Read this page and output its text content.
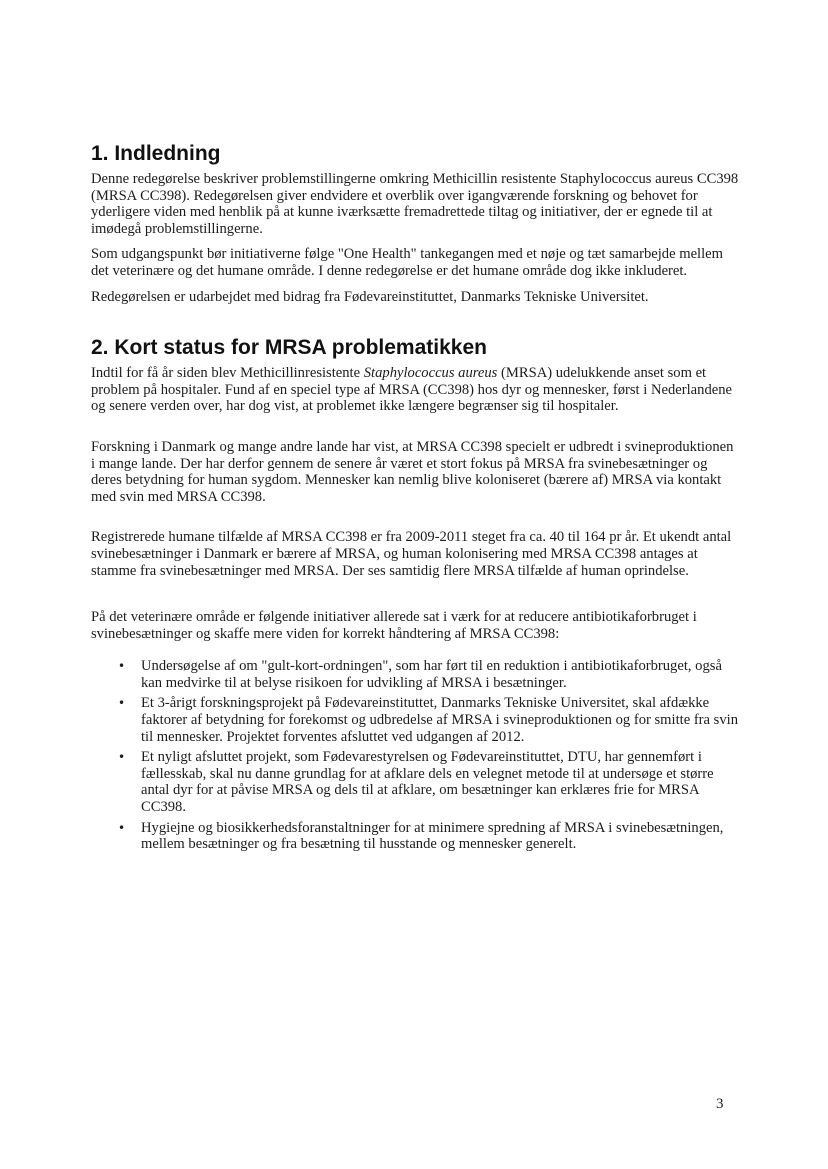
1. Indledning

Denne redegørelse beskriver problemstillingerne omkring Methicillin resistente Staphylococcus aureus CC398 (MRSA CC398). Redegørelsen giver endvidere et overblik over igangværende forskning og behovet for yderligere viden med henblik på at kunne iværksætte fremadrettede tiltag og initiativer, der er egnede til at imødegå problemstillingerne.

Som udgangspunkt bør initiativerne følge "One Health" tankegangen med et nøje og tæt samarbejde mellem det veterinære og det humane område. I denne redegørelse er det humane område dog ikke inkluderet.

Redegørelsen er udarbejdet med bidrag fra Fødevareinstituttet, Danmarks Tekniske Universitet.

2. Kort status for MRSA problematikken

Indtil for få år siden blev Methicillinresistente Staphylococcus aureus (MRSA) udelukkende anset som et problem på hospitaler. Fund af en speciel type af MRSA (CC398) hos dyr og mennesker, først i Nederlandene og senere verden over, har dog vist, at problemet ikke længere begrænser sig til hospitaler.

Forskning i Danmark og mange andre lande har vist, at MRSA CC398 specielt er udbredt i svineproduktionen i mange lande. Der har derfor gennem de senere år været et stort fokus på MRSA fra svinebesætninger og deres betydning for human sygdom. Mennesker kan nemlig blive koloniseret (bærere af) MRSA via kontakt med svin med MRSA CC398.

Registrerede humane tilfælde af MRSA CC398 er fra 2009-2011 steget fra ca. 40 til 164 pr år. Et ukendt antal svinebesætninger i Danmark er bærere af MRSA, og human kolonisering med MRSA CC398 antages at stamme fra svinebesætninger med MRSA. Der ses samtidig flere MRSA tilfælde af human oprindelse.

På det veterinære område er følgende initiativer allerede sat i værk for at reducere antibiotikaforbruget i svinebesætninger og skaffe mere viden for korrekt håndtering af MRSA CC398:

• Undersøgelse af om "gult-kort-ordningen", som har ført til en reduktion i antibiotikaforbruget, også kan medvirke til at belyse risikoen for udvikling af MRSA i besætninger.
• Et 3-årigt forskningsprojekt på Fødevareinstituttet, Danmarks Tekniske Universitet, skal afdække faktorer af betydning for forekomst og udbredelse af MRSA i svineproduktionen og for smitte fra svin til mennesker. Projektet forventes afsluttet ved udgangen af 2012.
• Et nyligt afsluttet projekt, som Fødevarestyrelsen og Fødevareinstituttet, DTU, har gennemført i fællesskab, skal nu danne grundlag for at afklare dels en velegnet metode til at undersøge et større antal dyr for at påvise MRSA og dels til at afklare, om besætninger kan erklæres frie for MRSA CC398.
• Hygiejne og biosikkerhedsforanstaltninger for at minimere spredning af MRSA i svinebesætningen, mellem besætninger og fra besætning til husstande og mennesker generelt.
3
